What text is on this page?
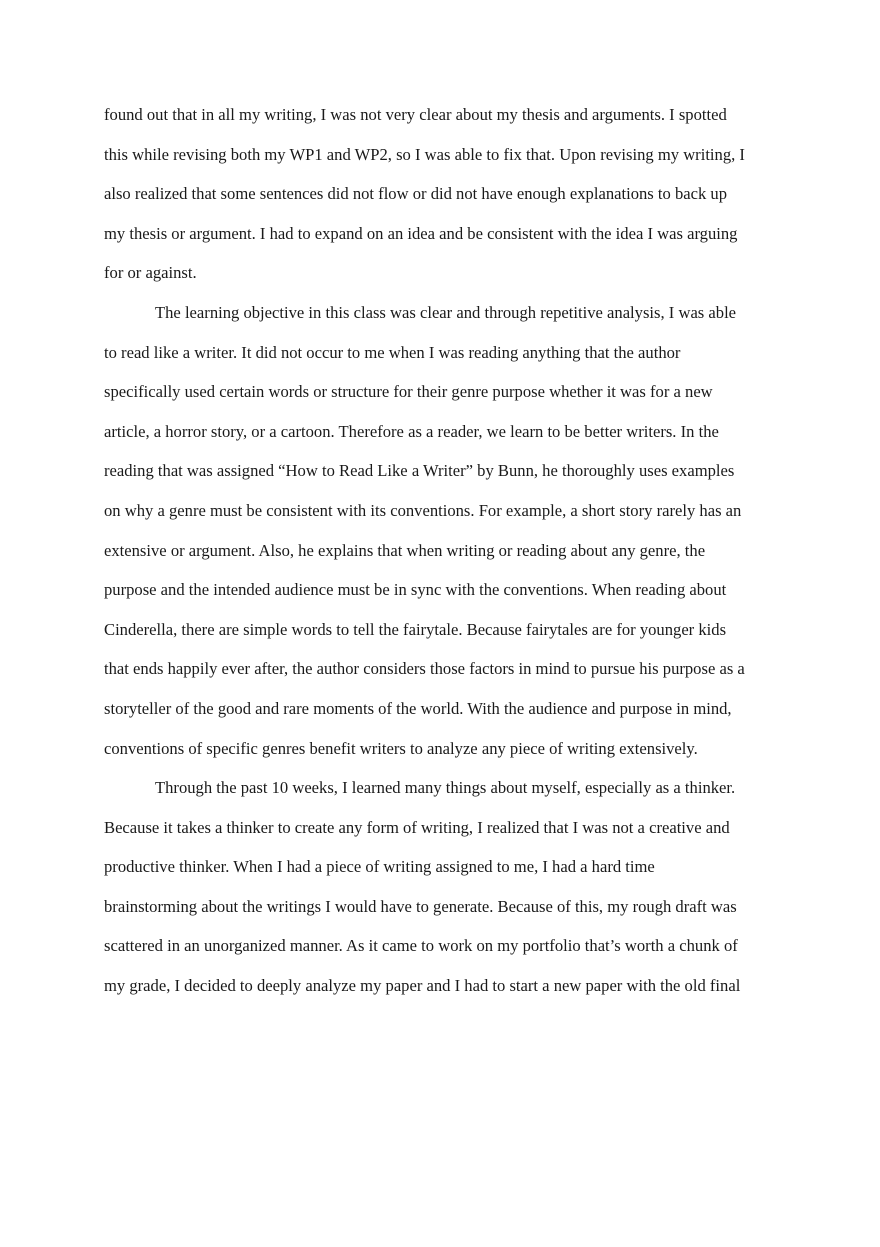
found out that in all my writing, I was not very clear about my thesis and arguments. I spotted
this while revising both my WP1 and WP2, so I was able to fix that. Upon revising my writing, I
also realized that some sentences did not flow or did not have enough explanations to back up
my thesis or argument. I had to expand on an idea and be consistent with the idea I was arguing
for or against.
The learning objective in this class was clear and through repetitive analysis, I was able
to read like a writer. It did not occur to me when I was reading anything that the author
specifically used certain words or structure for their genre purpose whether it was for a new
article, a horror story, or a cartoon. Therefore as a reader, we learn to be better writers. In the
reading that was assigned “How to Read Like a Writer” by Bunn, he thoroughly uses examples
on why a genre must be consistent with its conventions. For example, a short story rarely has an
extensive or argument. Also, he explains that when writing or reading about any genre, the
purpose and the intended audience must be in sync with the conventions. When reading about
Cinderella, there are simple words to tell the fairytale. Because fairytales are for younger kids
that ends happily ever after, the author considers those factors in mind to pursue his purpose as a
storyteller of the good and rare moments of the world. With the audience and purpose in mind,
conventions of specific genres benefit writers to analyze any piece of writing extensively.
Through the past 10 weeks, I learned many things about myself, especially as a thinker.
Because it takes a thinker to create any form of writing, I realized that I was not a creative and
productive thinker. When I had a piece of writing assigned to me, I had a hard time
brainstorming about the writings I would have to generate. Because of this, my rough draft was
scattered in an unorganized manner. As it came to work on my portfolio that’s worth a chunk of
my grade, I decided to deeply analyze my paper and I had to start a new paper with the old final
